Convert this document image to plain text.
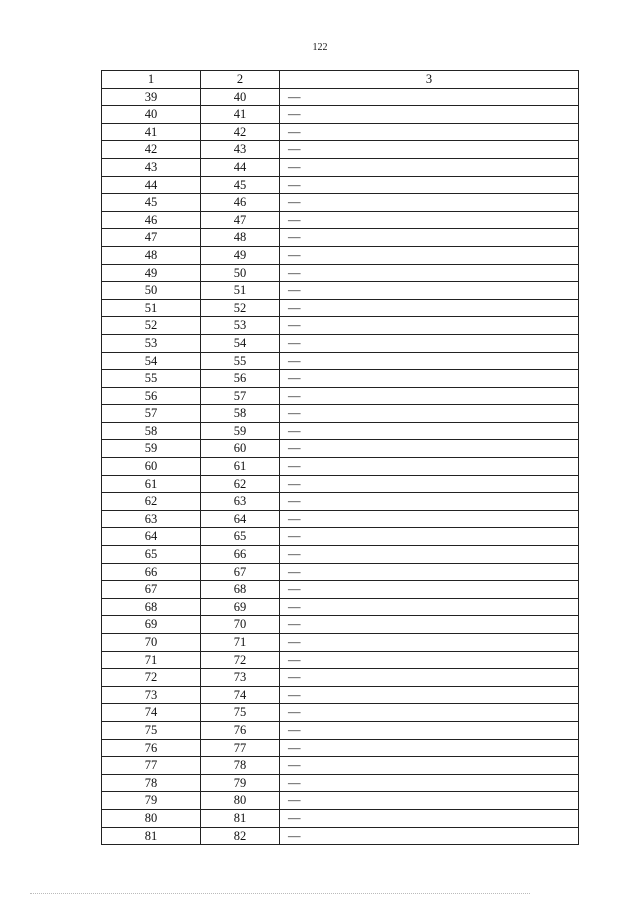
122
1	2	3
39	40	—
40	41	—
41	42	—
42	43	—
43	44	—
44	45	—
45	46	—
46	47	—
47	48	—
48	49	—
49	50	—
50	51	—
51	52	—
52	53	—
53	54	—
54	55	—
55	56	—
56	57	—
57	58	—
58	59	—
59	60	—
60	61	—
61	62	—
62	63	—
63	64	—
64	65	—
65	66	—
66	67	—
67	68	—
68	69	—
69	70	—
70	71	—
71	72	—
72	73	—
73	74	—
74	75	—
75	76	—
76	77	—
77	78	—
78	79	—
79	80	—
80	81	—
81	82	—
